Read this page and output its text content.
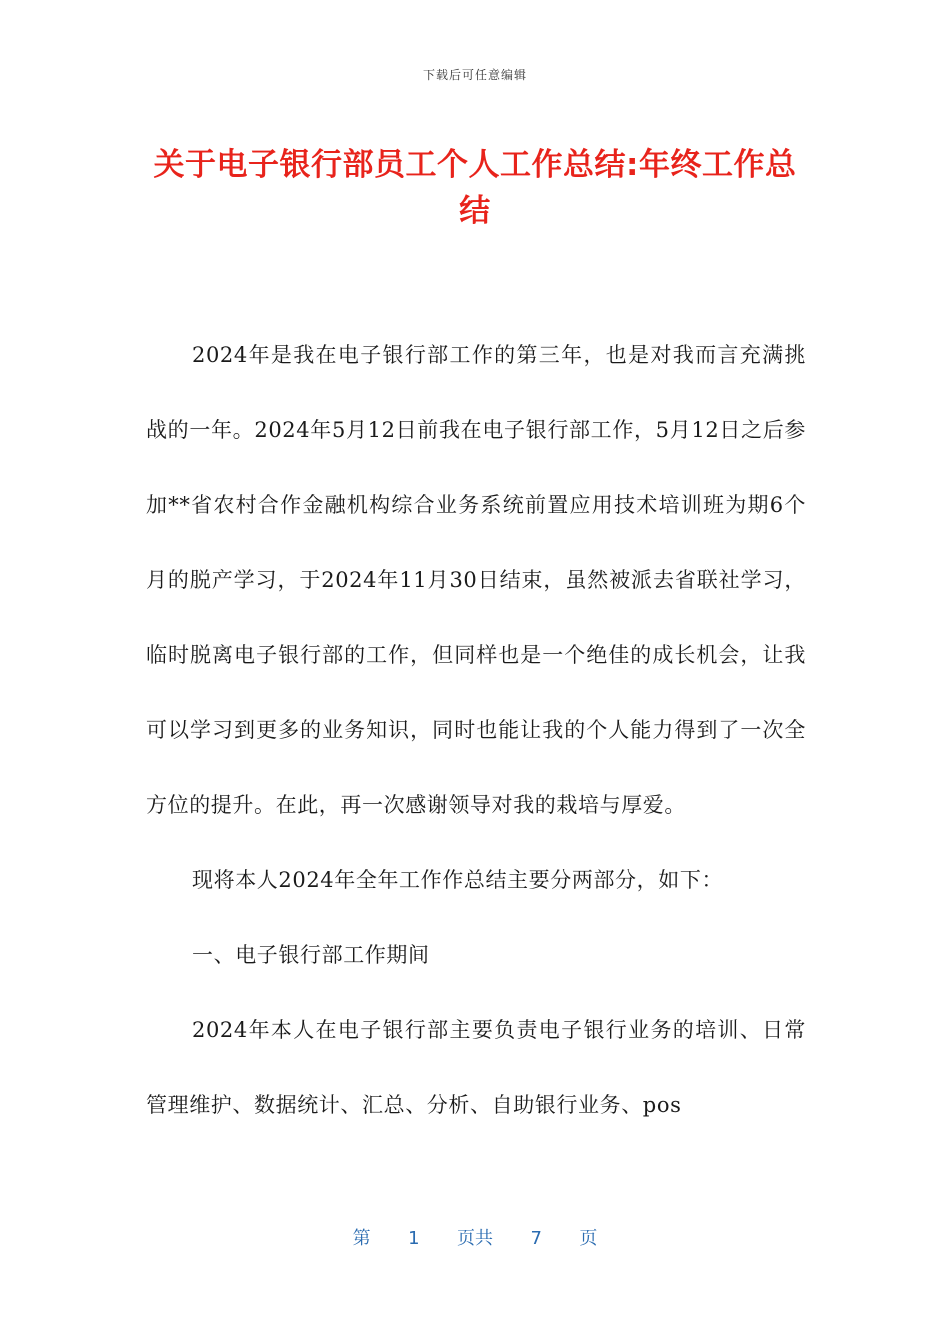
下载后可任意编辑
关于电子银行部员工个人工作总结:年终工作总结

2024年是我在电子银行部工作的第三年，也是对我而言充满挑战的一年。2024年5月12日前我在电子银行部工作，5月12日之后参加**省农村合作金融机构综合业务系统前置应用技术培训班为期6个月的脱产学习，于2024年11月30日结束，虽然被派去省联社学习，临时脱离电子银行部的工作，但同样也是一个绝佳的成长机会，让我可以学习到更多的业务知识，同时也能让我的个人能力得到了一次全方位的提升。在此，再一次感谢领导对我的栽培与厚爱。

现将本人2024年全年工作作总结主要分两部分，如下：

一、电子银行部工作期间

2024年本人在电子银行部主要负责电子银行业务的培训、日常管理维护、数据统计、汇总、分析、自助银行业务、pos

第 1 页共 7 页
